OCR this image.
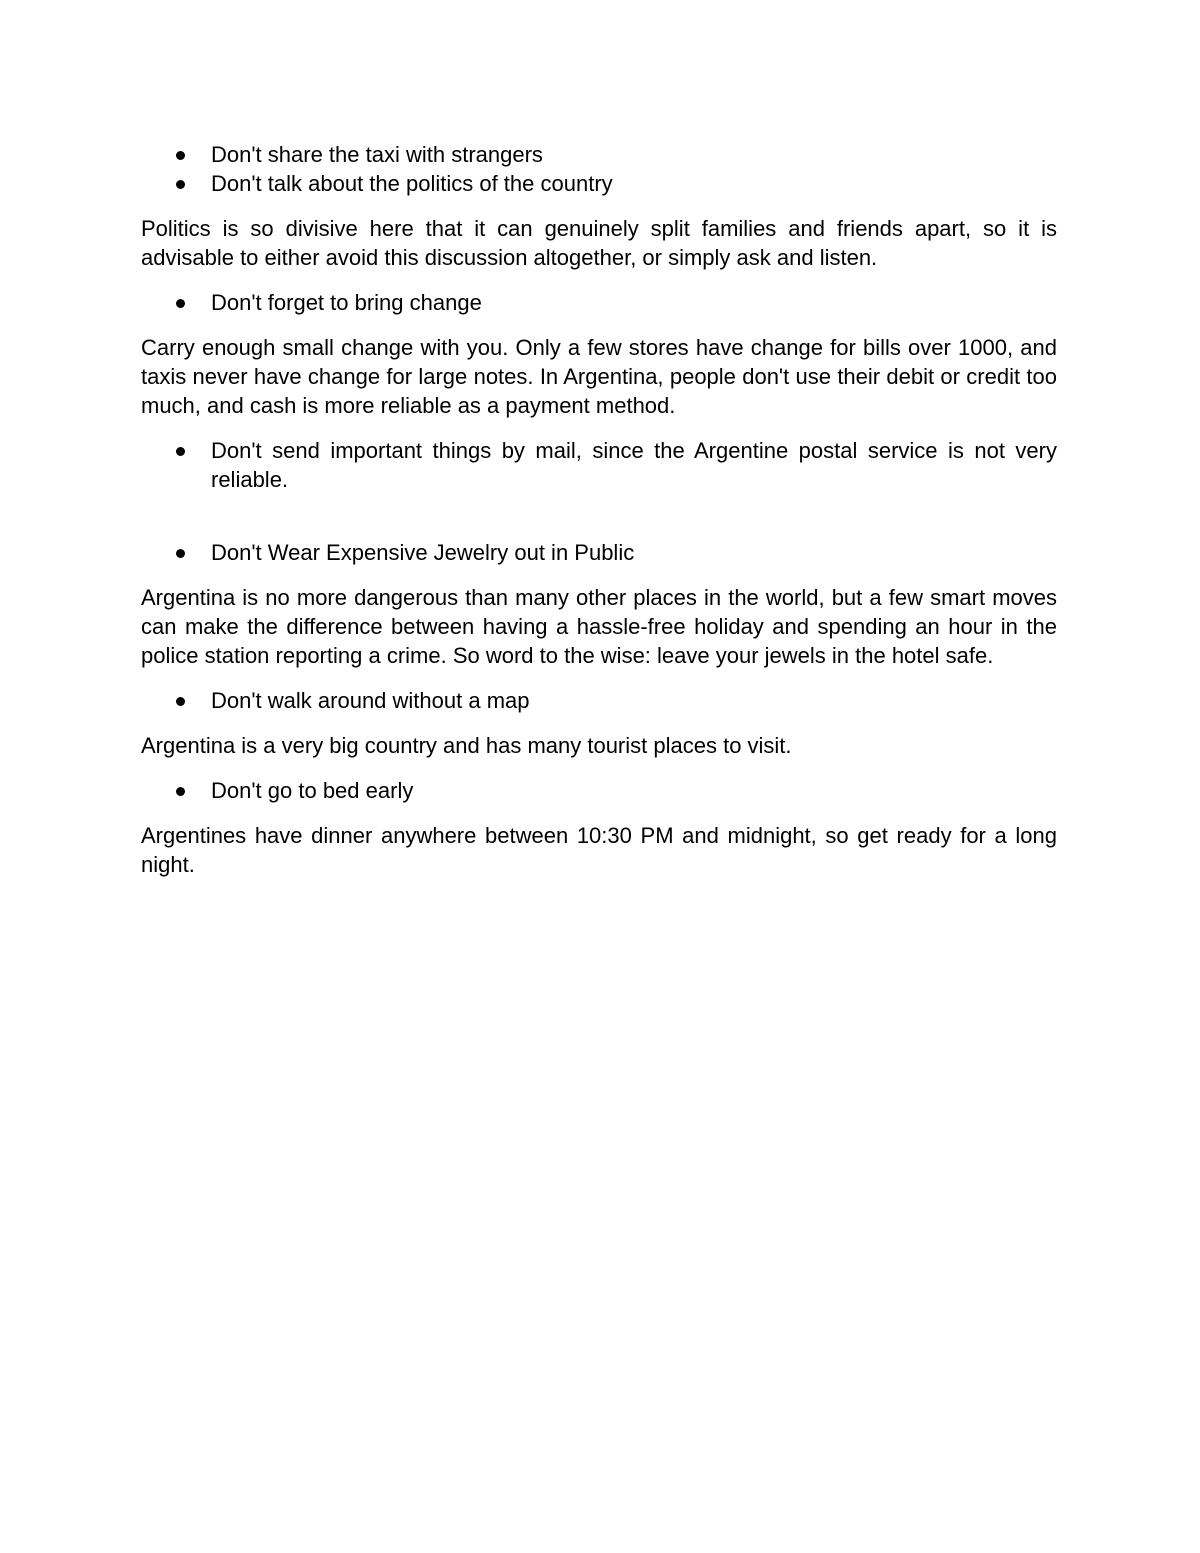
Don't share the taxi with strangers
Don't talk about the politics of the country

Politics is so divisive here that it can genuinely split families and friends apart, so it is advisable to either avoid this discussion altogether, or simply ask and listen.

Don't forget to bring change

Carry enough small change with you. Only a few stores have change for bills over 1000, and taxis never have change for large notes. In Argentina, people don't use their debit or credit too much, and cash is more reliable as a payment method.

Don't send important things by mail, since the Argentine postal service is not very reliable.
Don't Wear Expensive Jewelry out in Public

Argentina is no more dangerous than many other places in the world, but a few smart moves can make the difference between having a hassle-free holiday and spending an hour in the police station reporting a crime. So word to the wise: leave your jewels in the hotel safe.

Don't walk around without a map

Argentina is a very big country and has many tourist places to visit.

Don't go to bed early

Argentines have dinner anywhere between 10:30 PM and midnight, so get ready for a long night.
